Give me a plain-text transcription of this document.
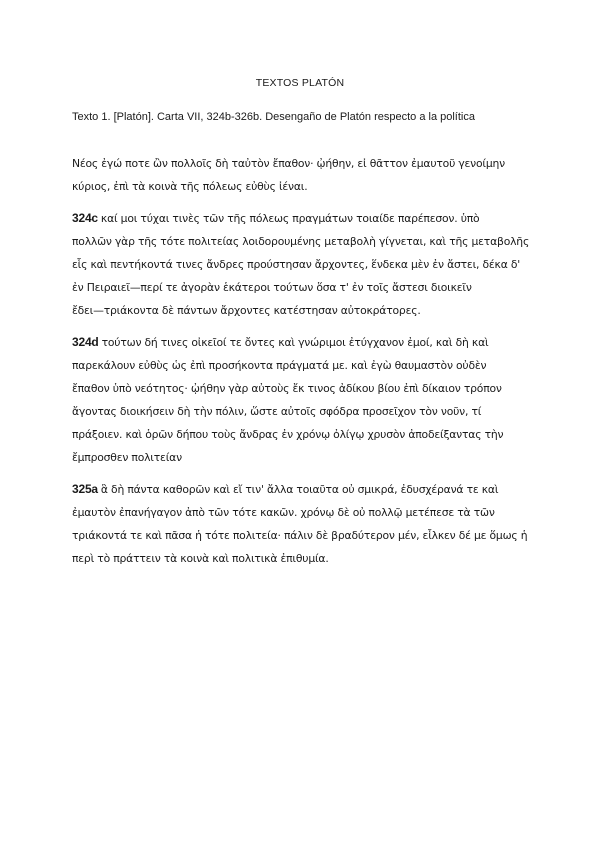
TEXTOS PLATÓN
Texto 1. [Platón]. Carta VII, 324b-326b. Desengaño de Platón respecto a la política
Νέος ἐγώ ποτε ὢν πολλοῖς δὴ ταὐτὸν ἔπαθον· ᾠήθην, εἰ θᾶττον ἐμαυτοῦ γενοίμην
κύριος, ἐπὶ τὰ κοινὰ τῆς πόλεως εὐθὺς ἰέναι.
324c καί μοι τύχαι τινὲς τῶν τῆς πόλεως πραγμάτων τοιαίδε παρέπεσον. ὑπὸ
πολλῶν γὰρ τῆς τότε πολιτείας λοιδορουμένης μεταβολὴ γίγνεται, καὶ τῆς μεταβολῆς
εἷς καὶ πεντήκοντά τινες ἄνδρες προύστησαν ἄρχοντες, ἕνδεκα μὲν ἐν ἄστει, δέκα δ'
ἐν Πειραιεῖ—περί τε ἀγορὰν ἑκάτεροι τούτων ὅσα τ' ἐν τοῖς ἄστεσι διοικεῖν
ἔδει—τριάκοντα δὲ πάντων ἄρχοντες κατέστησαν αὐτοκράτορες.
324d τούτων δή τινες οἰκεῖοί τε ὄντες καὶ γνώριμοι ἐτύγχανον ἐμοί, καὶ δὴ καὶ
παρεκάλουν εὐθὺς ὡς ἐπὶ προσήκοντα πράγματά με. καὶ ἐγὼ θαυμαστὸν οὐδὲν
ἔπαθον ὑπὸ νεότητος· ᾠήθην γὰρ αὐτοὺς ἔκ τινος ἀδίκου βίου ἐπὶ δίκαιον τρόπον
ἄγοντας διοικήσειν δὴ τὴν πόλιν, ὥστε αὐτοῖς σφόδρα προσεῖχον τὸν νοῦν, τί
πράξοιεν. καὶ ὁρῶν δήπου τοὺς ἄνδρας ἐν χρόνῳ ὀλίγῳ χρυσὸν ἀποδείξαντας τὴν
ἔμπροσθεν πολιτείαν
325a ἃ δὴ πάντα καθορῶν καὶ εἴ τιν' ἄλλα τοιαῦτα οὐ σμικρά, ἐδυσχέρανά τε καὶ
ἐμαυτὸν ἐπανήγαγον ἀπὸ τῶν τότε κακῶν. χρόνῳ δὲ οὐ πολλῷ μετέπεσε τὰ τῶν
τριάκοντά τε καὶ πᾶσα ἡ τότε πολιτεία· πάλιν δὲ βραδύτερον μέν, εἷλκεν δέ με ὅμως ἡ
περὶ τὸ πράττειν τὰ κοινὰ καὶ πολιτικὰ ἐπιθυμία.
